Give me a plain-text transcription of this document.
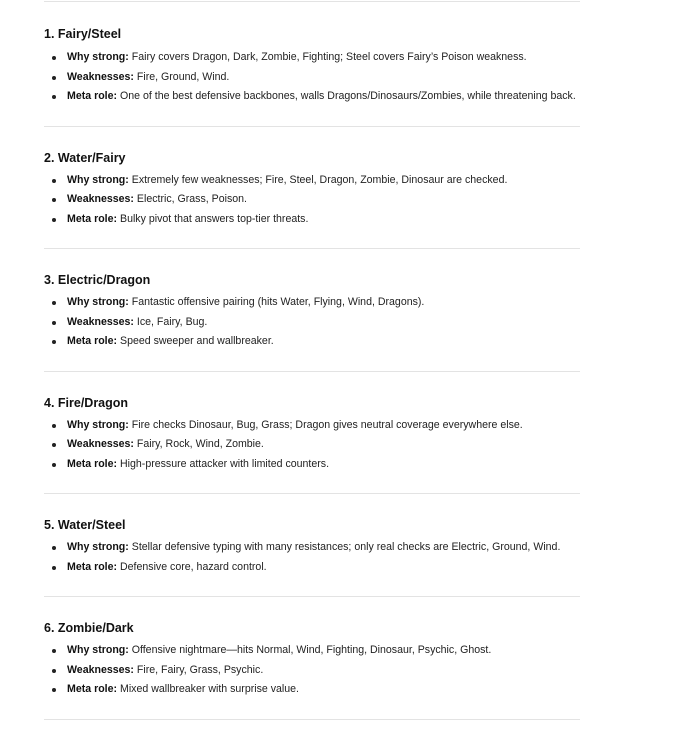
1. Fairy/Steel
Why strong: Fairy covers Dragon, Dark, Zombie, Fighting; Steel covers Fairy’s Poison weakness.
Weaknesses: Fire, Ground, Wind.
Meta role: One of the best defensive backbones, walls Dragons/Dinosaurs/Zombies, while threatening back.
2. Water/Fairy
Why strong: Extremely few weaknesses; Fire, Steel, Dragon, Zombie, Dinosaur are checked.
Weaknesses: Electric, Grass, Poison.
Meta role: Bulky pivot that answers top-tier threats.
3. Electric/Dragon
Why strong: Fantastic offensive pairing (hits Water, Flying, Wind, Dragons).
Weaknesses: Ice, Fairy, Bug.
Meta role: Speed sweeper and wallbreaker.
4. Fire/Dragon
Why strong: Fire checks Dinosaur, Bug, Grass; Dragon gives neutral coverage everywhere else.
Weaknesses: Fairy, Rock, Wind, Zombie.
Meta role: High-pressure attacker with limited counters.
5. Water/Steel
Why strong: Stellar defensive typing with many resistances; only real checks are Electric, Ground, Wind.
Meta role: Defensive core, hazard control.
6. Zombie/Dark
Why strong: Offensive nightmare—hits Normal, Wind, Fighting, Dinosaur, Psychic, Ghost.
Weaknesses: Fire, Fairy, Grass, Psychic.
Meta role: Mixed wallbreaker with surprise value.
